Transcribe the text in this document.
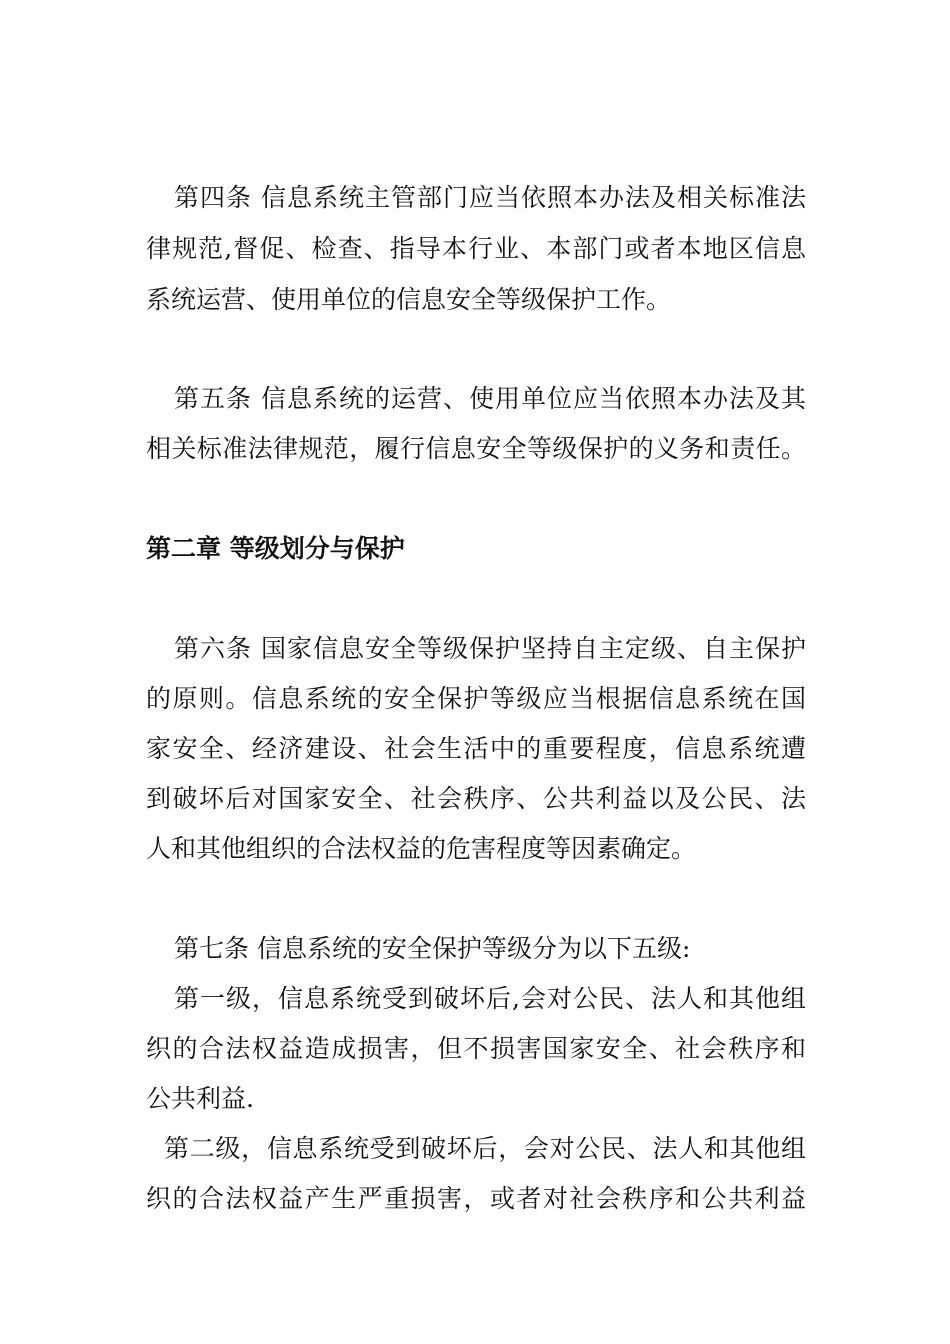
第四条 信息系统主管部门应当依照本办法及相关标准法
律规范,督促、检查、指导本行业、本部门或者本地区信息
系统运营、使用单位的信息安全等级保护工作。
第五条 信息系统的运营、使用单位应当依照本办法及其
相关标准法律规范，履行信息安全等级保护的义务和责任。
第二章 等级划分与保护
第六条 国家信息安全等级保护坚持自主定级、自主保护
的原则。信息系统的安全保护等级应当根据信息系统在国
家安全、经济建设、社会生活中的重要程度，信息系统遭
到破坏后对国家安全、社会秩序、公共利益以及公民、法
人和其他组织的合法权益的危害程度等因素确定。
第七条 信息系统的安全保护等级分为以下五级:
第一级，信息系统受到破坏后,会对公民、法人和其他组
织的合法权益造成损害，但不损害国家安全、社会秩序和
公共利益.
第二级，信息系统受到破坏后，会对公民、法人和其他组
织的合法权益产生严重损害，或者对社会秩序和公共利益
